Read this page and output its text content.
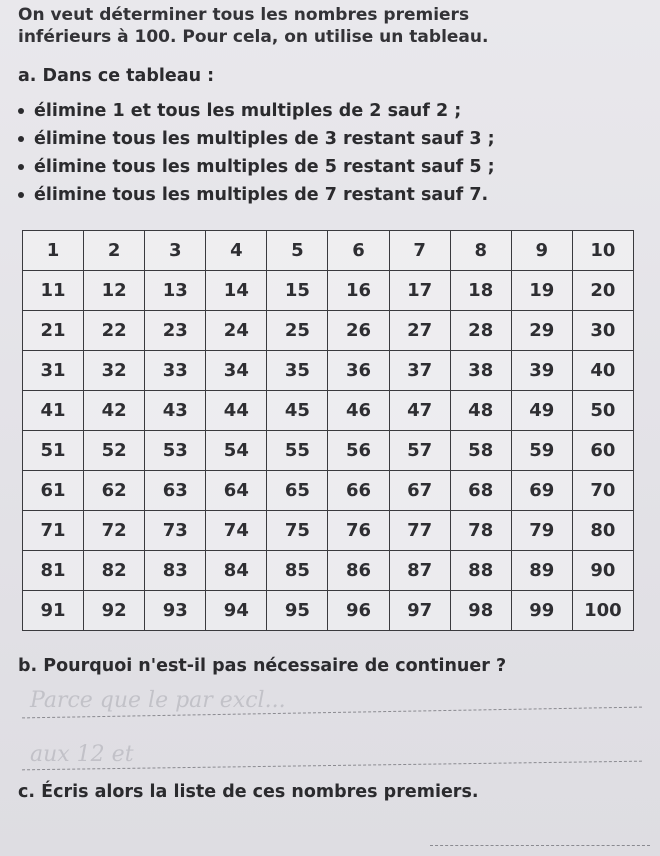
On veut déterminer tous les nombres premiers
inférieurs à 100. Pour cela, on utilise un tableau.

a. Dans ce tableau :

élimine 1 et tous les multiples de 2 sauf 2 ;
élimine tous les multiples de 3 restant sauf 3 ;
élimine tous les multiples de 5 restant sauf 5 ;
élimine tous les multiples de 7 restant sauf 7.
1	2	3	4	5	6	7	8	9	10
11	12	13	14	15	16	17	18	19	20
21	22	23	24	25	26	27	28	29	30
31	32	33	34	35	36	37	38	39	40
41	42	43	44	45	46	47	48	49	50
51	52	53	54	55	56	57	58	59	60
61	62	63	64	65	66	67	68	69	70
71	72	73	74	75	76	77	78	79	80
81	82	83	84	85	86	87	88	89	90
91	92	93	94	95	96	97	98	99	100

b. Pourquoi n'est-il pas nécessaire de continuer ?

Parce que le par excl...
aux 12 et

c. Écris alors la liste de ces nombres premiers.
